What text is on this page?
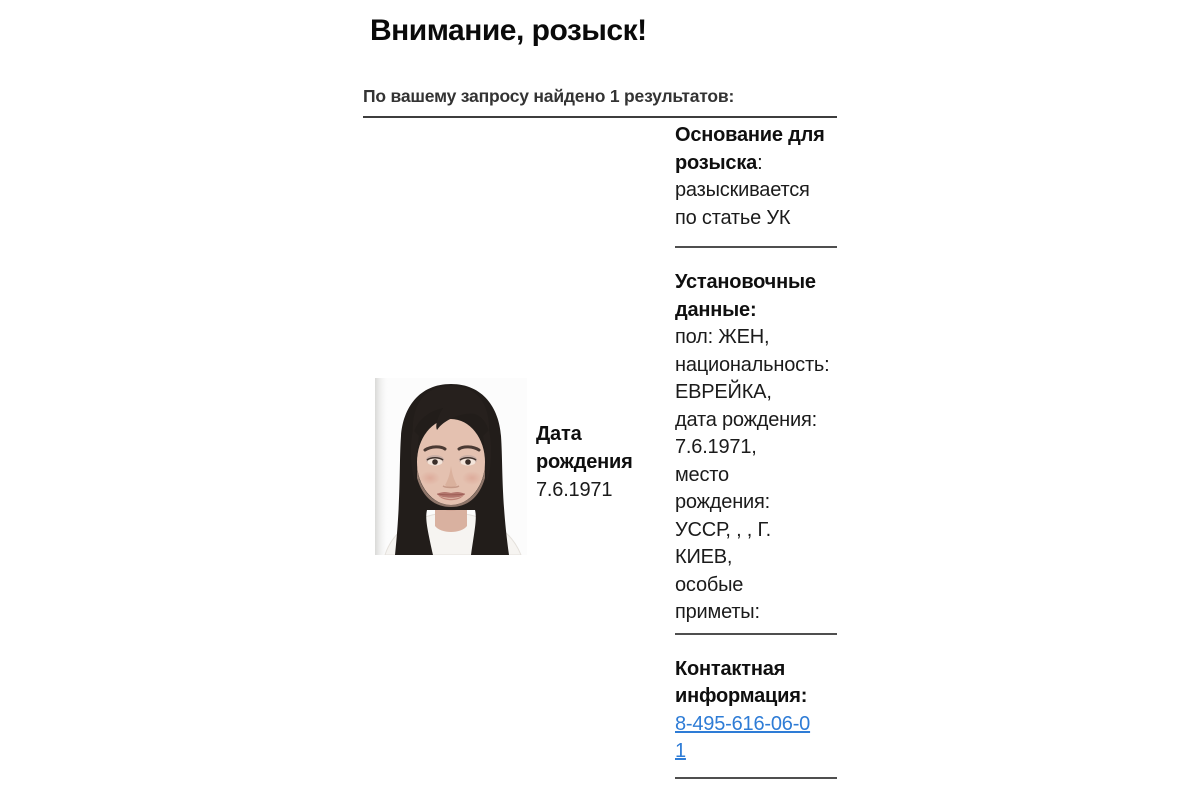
Внимание, розыск!
По вашему запросу найдено 1 результатов:
Дата рождения 7.6.1971
Основание для розыска:
разыскивается
по статье УК
Установочные данные:
пол: ЖЕН,
национальность:
ЕВРЕЙКА,
дата рождения:
7.6.1971,
место
рождения:
УССР, , , Г.
КИЕВ,
особые
приметы:
Контактная информация: 8-495-616-06-01
